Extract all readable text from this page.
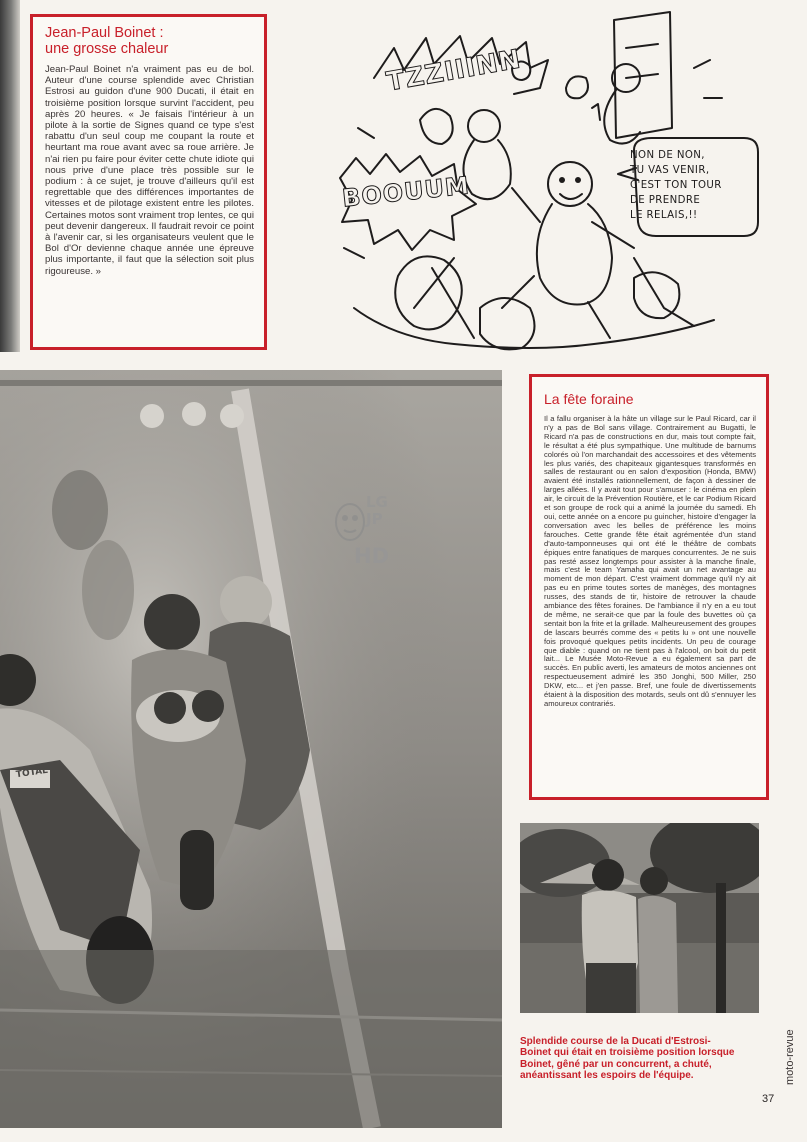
Jean-Paul Boinet :
une grosse chaleur

Jean-Paul Boinet n'a vraiment pas eu de bol. Auteur d'une course splendide avec Christian Estrosi au guidon d'une 900 Ducati, il était en troisième position lorsque survint l'accident, peu après 20 heures. « Je faisais l'intérieur à un pilote à la sortie de Signes quand ce type s'est rabattu d'un seul coup me coupant la route et heurtant ma roue avant avec sa roue arrière. Je n'ai rien pu faire pour éviter cette chute idiote qui nous prive d'une place très possible sur le podium : à ce sujet, je trouve d'ailleurs qu'il est regrettable que des différences importantes de vitesses et de pilotage existent entre les pilotes. Certaines motos sont vraiment trop lentes, ce qui peut devenir dangereux. Il faudrait revoir ce point à l'avenir car, si les organisateurs veulent que le Bol d'Or devienne chaque année une épreuve plus importante, il faut que la sélection soit plus rigoureuse. »

TZZIIINN
BOOUUM
NON DE NON,
TU VAS VENIR,
C'EST TON TOUR
DE PRENDRE
LE RELAIS,!!
TOTAL
LG
JP
HD
La fête foraine

Il a fallu organiser à la hâte un village sur le Paul Ricard, car il n'y a pas de Bol sans village. Contrairement au Bugatti, le Ricard n'a pas de constructions en dur, mais tout compte fait, le résultat a été plus sympathique. Une multitude de barnums colorés où l'on marchandait des accessoires et des vêtements les plus variés, des chapiteaux gigantesques transformés en salles de restaurant ou en salon d'exposition (Honda, BMW) avaient été installés rationnellement, de façon à dessiner de larges allées. Il y avait tout pour s'amuser : le cinéma en plein air, le circuit de la Prévention Routière, et le car Podium Ricard et son groupe de rock qui a animé la journée du samedi. Eh oui, cette année on a encore pu guincher, histoire d'engager la conversation avec les belles de préférence les moins farouches. Cette grande fête était agrémentée d'un stand d'auto-tamponneuses qui ont été le théâtre de combats épiques entre fanatiques de marques concurrentes. Je ne suis pas resté assez longtemps pour assister à la manche finale, mais c'est le team Yamaha qui avait un net avantage au moment de mon départ. C'est vraiment dommage qu'il n'y ait pas eu en prime toutes sortes de manèges, des montagnes russes, des stands de tir, histoire de retrouver la chaude ambiance des fêtes foraines. De l'ambiance il n'y en a eu tout de même, ne serait-ce que par la foule des buvettes où ça sentait bon la frite et la grillade. Malheureusement des groupes de lascars beurrés comme des « petits lu » ont une nouvelle fois provoqué quelques petits incidents. Un peu de courage que diable : quand on ne tient pas à l'alcool, on boit du petit lait... Le Musée Moto-Revue a eu également sa part de succès. En public averti, les amateurs de motos anciennes ont respectueusement admiré les 350 Jonghi, 500 Miller, 250 DKW, etc... et j'en passe. Bref, une foule de divertissements étaient à la disposition des motards, seuls ont dû s'ennuyer les amoureux contrariés.

Splendide course de la Ducati d'Estrosi-Boinet qui était en troisième position lorsque Boinet, gêné par un concurrent, a chuté, anéantissant les espoirs de l'équipe.	moto-revue
37
